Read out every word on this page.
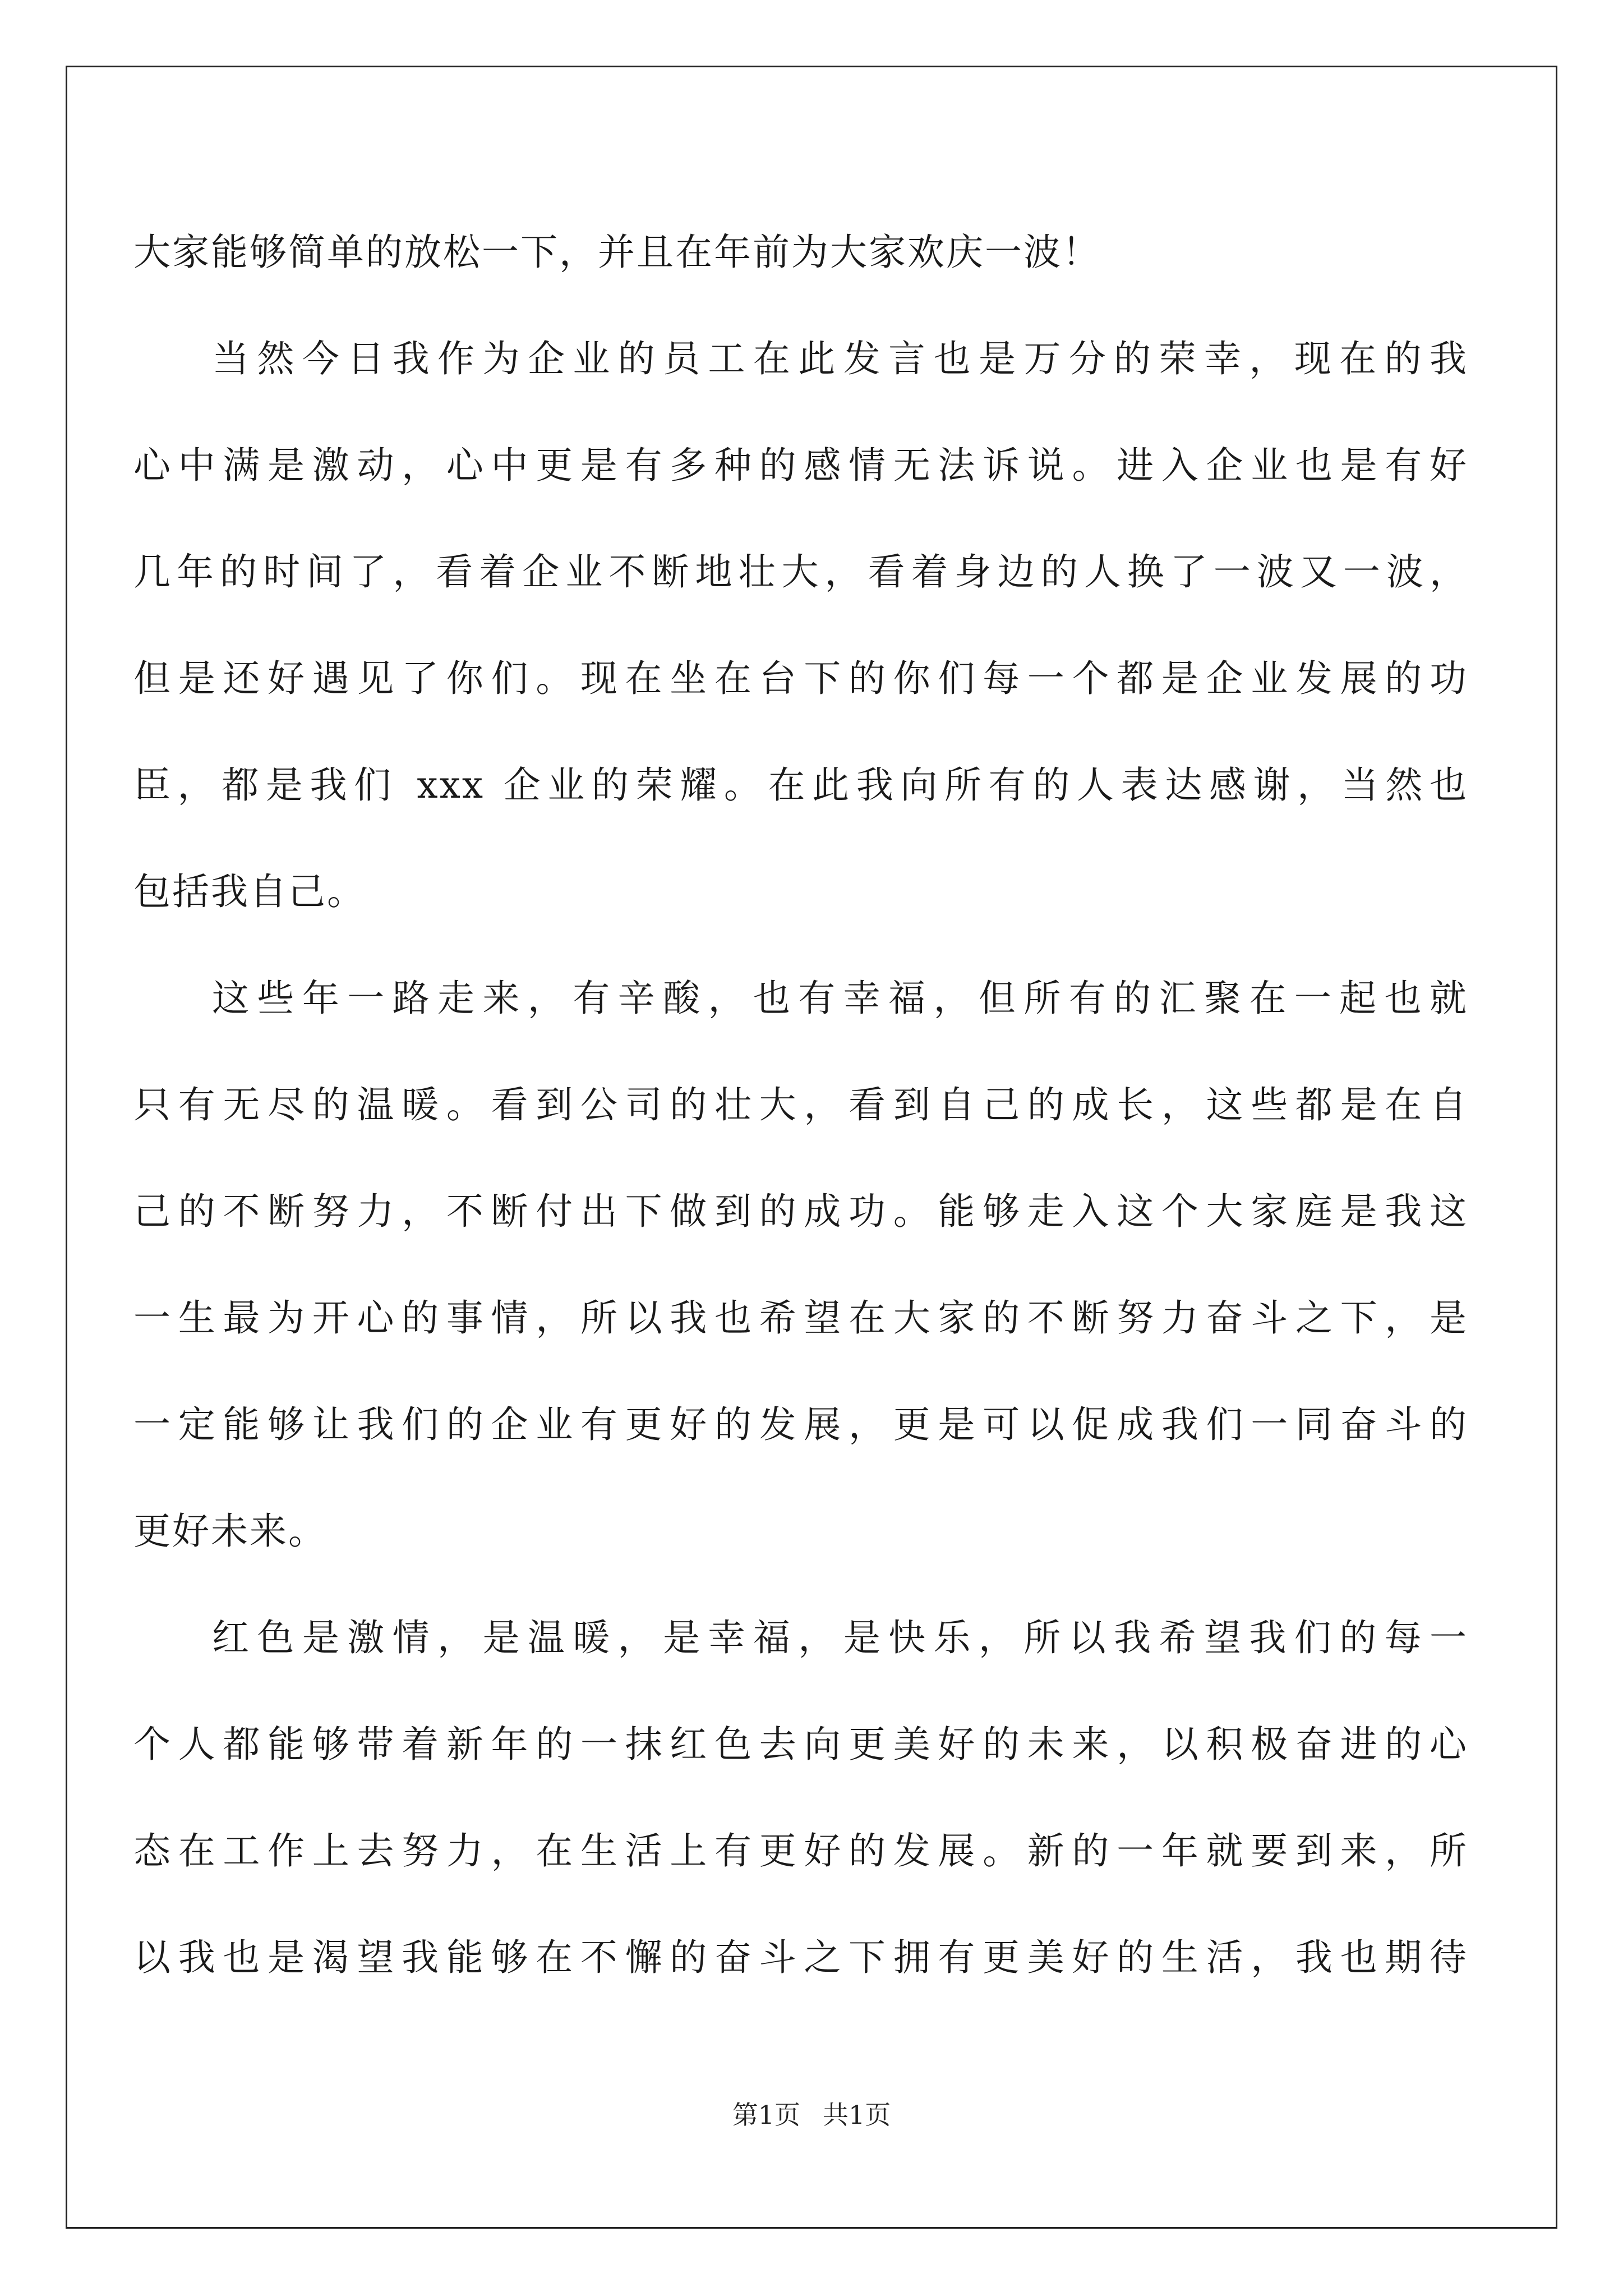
大家能够简单的放松一下，并且在年前为大家欢庆一波！
当然今日我作为企业的员工在此发言也是万分的荣幸，现在的我
心中满是激动，心中更是有多种的感情无法诉说。进入企业也是有好
几年的时间了，看着企业不断地壮大，看着身边的人换了一波又一波，
但是还好遇见了你们。现在坐在台下的你们每一个都是企业发展的功
臣，都是我们 xxx 企业的荣耀。在此我向所有的人表达感谢，当然也
包括我自己。
这些年一路走来，有辛酸，也有幸福，但所有的汇聚在一起也就
只有无尽的温暖。看到公司的壮大，看到自己的成长，这些都是在自
己的不断努力，不断付出下做到的成功。能够走入这个大家庭是我这
一生最为开心的事情，所以我也希望在大家的不断努力奋斗之下，是
一定能够让我们的企业有更好的发展，更是可以促成我们一同奋斗的
更好未来。
红色是激情，是温暖，是幸福，是快乐，所以我希望我们的每一
个人都能够带着新年的一抹红色去向更美好的未来，以积极奋进的心
态在工作上去努力，在生活上有更好的发展。新的一年就要到来，所
以我也是渴望我能够在不懈的奋斗之下拥有更美好的生活，我也期待
第1页 共1页
